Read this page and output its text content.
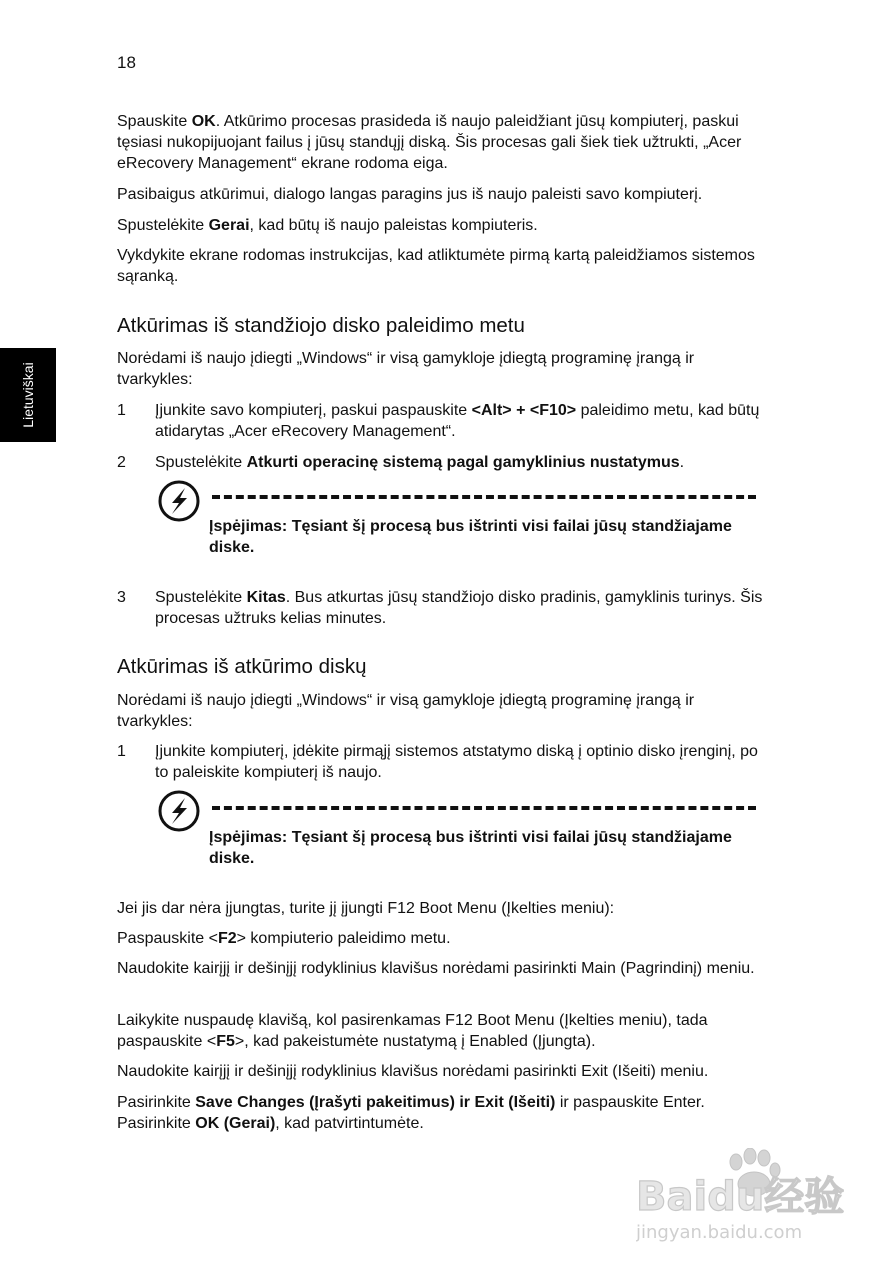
18
Lietuviškai

Spauskite OK. Atkūrimo procesas prasideda iš naujo paleidžiant jūsų kompiuterį, paskui tęsiasi nukopijuojant failus į jūsų standųjį diską. Šis procesas gali šiek tiek užtrukti, „Acer eRecovery Management“ ekrane rodoma eiga.

Pasibaigus atkūrimui, dialogo langas paragins jus iš naujo paleisti savo kompiuterį.

Spustelėkite Gerai, kad būtų iš naujo paleistas kompiuteris.

Vykdykite ekrane rodomas instrukcijas, kad atliktumėte pirmą kartą paleidžiamos sistemos sąranką.

Atkūrimas iš standžiojo disko paleidimo metu

Norėdami iš naujo įdiegti „Windows“ ir visą gamykloje įdiegtą programinę įrangą ir tvarkykles:

1 Įjunkite savo kompiuterį, paskui paspauskite <Alt> + <F10> paleidimo metu, kad būtų atidarytas „Acer eRecovery Management“.
2 Spustelėkite Atkurti operacinę sistemą pagal gamyklinius nustatymus.
Įspėjimas: Tęsiant šį procesą bus ištrinti visi failai jūsų standžiajame diske.
3 Spustelėkite Kitas. Bus atkurtas jūsų standžiojo disko pradinis, gamyklinis turinys. Šis procesas užtruks kelias minutes.
Atkūrimas iš atkūrimo diskų

Norėdami iš naujo įdiegti „Windows“ ir visą gamykloje įdiegtą programinę įrangą ir tvarkykles:

1 Įjunkite kompiuterį, įdėkite pirmąjį sistemos atstatymo diską į optinio disko įrenginį, po to paleiskite kompiuterį iš naujo.
Įspėjimas: Tęsiant šį procesą bus ištrinti visi failai jūsų standžiajame diske.

Jei jis dar nėra įjungtas, turite jį įjungti F12 Boot Menu (Įkelties meniu):

Paspauskite <F2> kompiuterio paleidimo metu.

Naudokite kairįjį ir dešinįjį rodyklinius klavišus norėdami pasirinkti Main (Pagrindinį) meniu.

Laikykite nuspaudę klavišą, kol pasirenkamas F12 Boot Menu (Įkelties meniu), tada paspauskite <F5>, kad pakeistumėte nustatymą į Enabled (Įjungta).

Naudokite kairįjį ir dešinįjį rodyklinius klavišus norėdami pasirinkti Exit (Išeiti) meniu.

Pasirinkite Save Changes (Įrašyti pakeitimus) ir Exit (Išeiti) ir paspauskite Enter. Pasirinkite OK (Gerai), kad patvirtintumėte.

Baidu经验
jingyan.baidu.com
